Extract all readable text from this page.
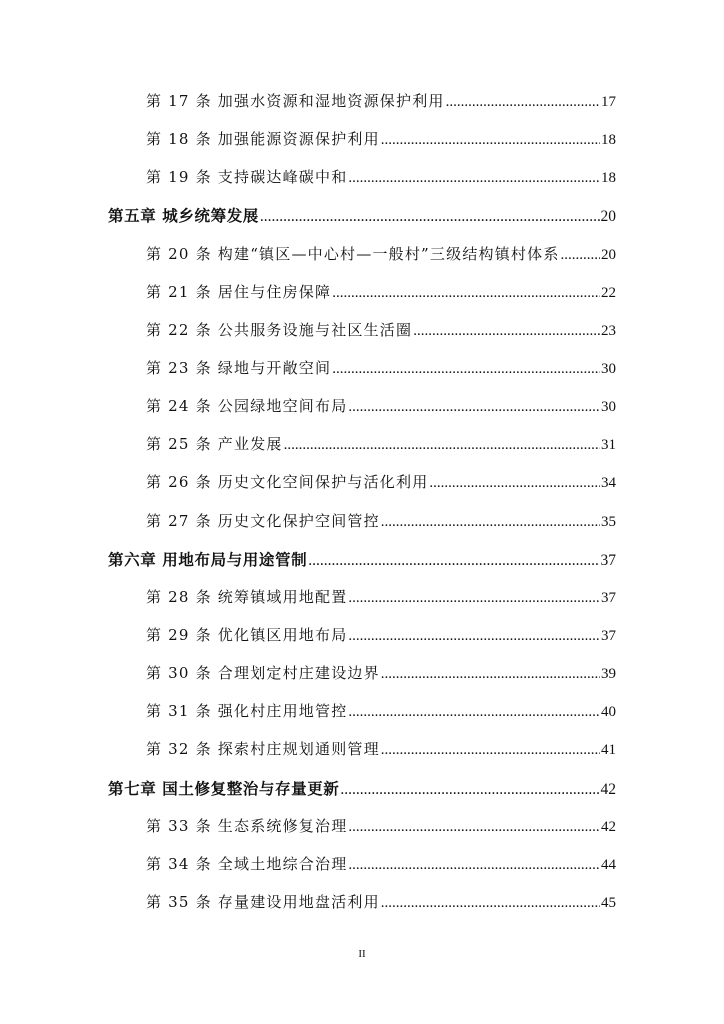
第 17 条 加强水资源和湿地资源保护利用 .....	17
第 18 条 加强能源资源保护利用 .....	18
第 19 条 支持碳达峰碳中和 .....	18
第五章 城乡统筹发展 .....	20
第 20 条 构建“镇区—中心村—一般村”三级结构镇村体系 .....	20
第 21 条 居住与住房保障 .....	22
第 22 条 公共服务设施与社区生活圈 .....	23
第 23 条 绿地与开敞空间 .....	30
第 24 条 公园绿地空间布局 .....	30
第 25 条 产业发展 .....	31
第 26 条 历史文化空间保护与活化利用 .....	34
第 27 条 历史文化保护空间管控 .....	35
第六章 用地布局与用途管制 .....	37
第 28 条 统筹镇域用地配置 .....	37
第 29 条 优化镇区用地布局 .....	37
第 30 条 合理划定村庄建设边界 .....	39
第 31 条 强化村庄用地管控 .....	40
第 32 条 探索村庄规划通则管理 .....	41
第七章 国土修复整治与存量更新 .....	42
第 33 条 生态系统修复治理 .....	42
第 34 条 全域土地综合治理 .....	44
第 35 条 存量建设用地盘活利用 .....	45
II
